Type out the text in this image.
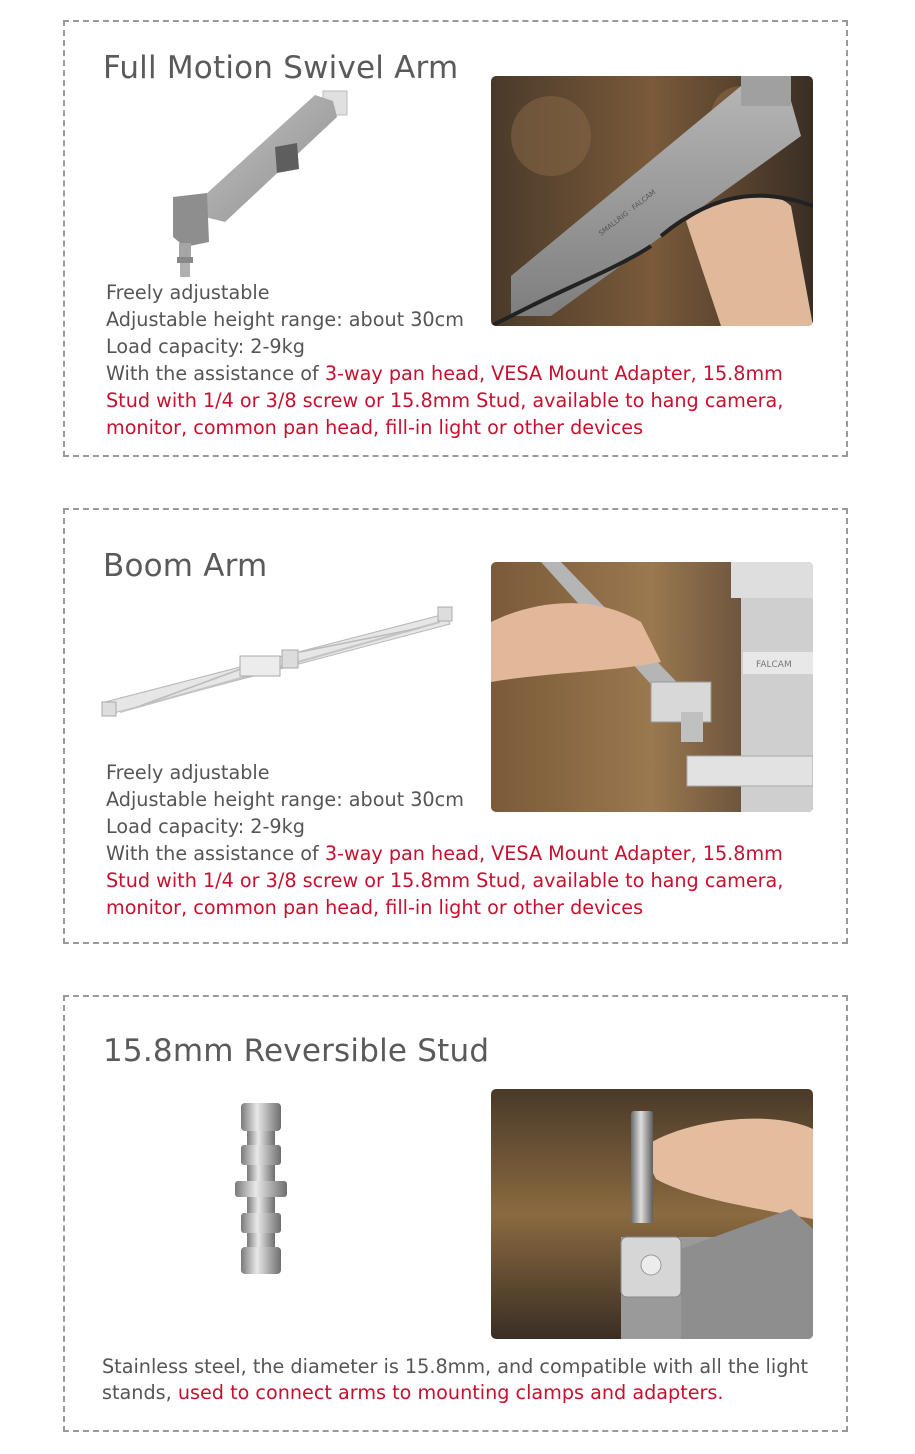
Full Motion Swivel Arm
SMALLRIG · FALCAM
Freely adjustable
Adjustable height range: about 30cm
Load capacity: 2-9kg
With the assistance of 3-way pan head, VESA Mount Adapter, 15.8mm
Stud with 1/4 or 3/8 screw or 15.8mm Stud, available to hang camera,
monitor, common pan head, fill-in light or other devices
Boom Arm
FALCAM
Freely adjustable
Adjustable height range: about 30cm
Load capacity: 2-9kg
With the assistance of 3-way pan head, VESA Mount Adapter, 15.8mm
Stud with 1/4 or 3/8 screw or 15.8mm Stud, available to hang camera,
monitor, common pan head, fill-in light or other devices
15.8mm Reversible Stud
Stainless steel, the diameter is 15.8mm, and compatible with all the light
stands, used to connect arms to mounting clamps and adapters.
